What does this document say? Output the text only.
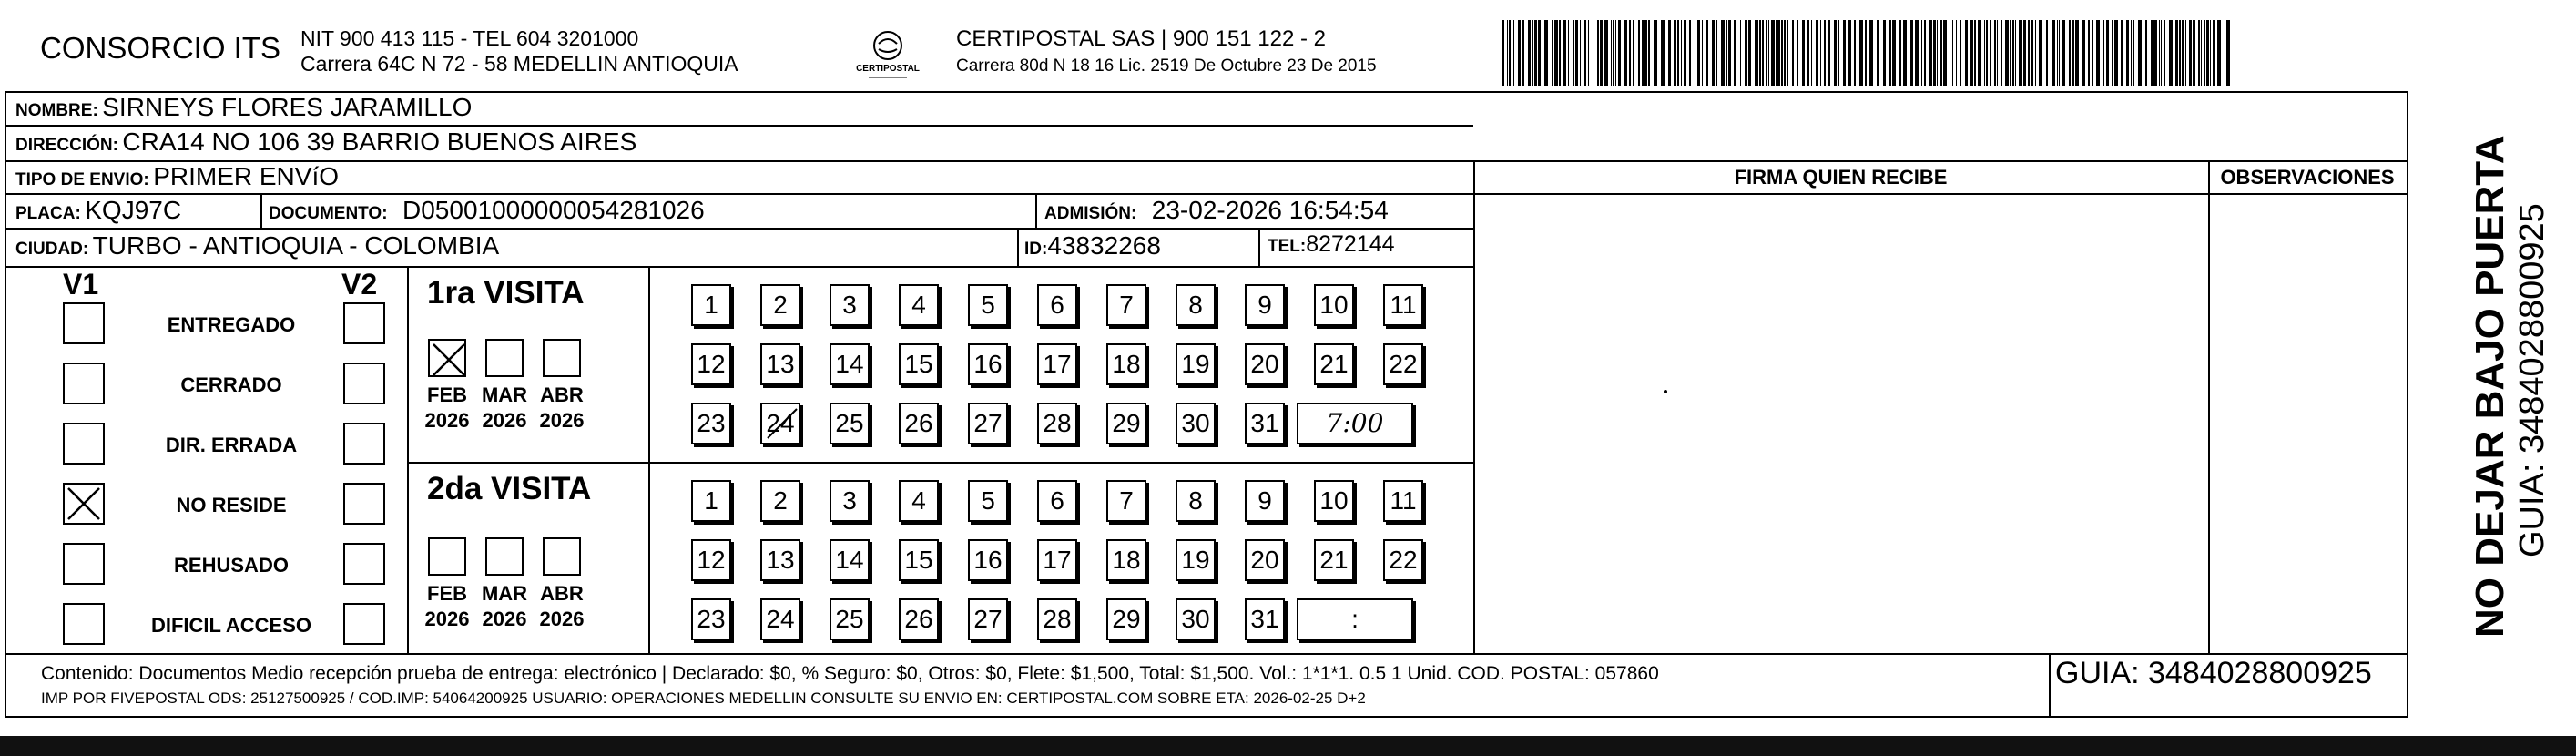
CONSORCIO ITS NIT 900 413 115 - TEL 604 3201000
Carrera 64C N 72 - 58 MEDELLIN ANTIOQUIA	CERTIPOSTAL
CERTIPOSTAL SAS | 900 151 122 - 2
Carrera 80d N 18 16 Lic. 2519 De Octubre 23 De 2015
NOMBRE: SIRNEYS FLORES JARAMILLO
DIRECCIÓN: CRA14 NO 106 39 BARRIO BUENOS AIRES
TIPO DE ENVIO: PRIMER ENVíO
PLACA: KQJ97C	DOCUMENTO: D05001000000054281026	ADMISIÓN: 23-02-2026 16:54:54
CIUDAD: TURBO - ANTIOQUIA - COLOMBIA	ID:43832268	TEL:8272144
FIRMA QUIEN RECIBE	OBSERVACIONES
V1	V2
ENTREGADO
CERRADO
DIR. ERRADA
NO RESIDE
REHUSADO
DIFICIL ACCESO
1ra VISITA
FEB
2026
MAR
2026
ABR
2026
1	2	3	4	5	6	7	8	9	10 11
12 13 14 15 16 17 18 19 20 21 22
23 24 25 26 27 28 29 30 31	7:00
2da VISITA
FEB
2026
MAR
2026
ABR
2026
1	2	3	4	5	6	7	8	9	10 11
12 13 14 15 16 17 18 19 20 21 22
23 24 25 26 27 28 29 30 31	:
Contenido: Documentos Medio recepción prueba de entrega: electrónico | Declarado: $0, % Seguro: $0, Otros: $0, Flete: $1,500, Total: $1,500. Vol.: 1*1*1. 0.5 1 Unid. COD. POSTAL: 057860
IMP POR FIVEPOSTAL ODS: 25127500925 / COD.IMP: 54064200925 USUARIO: OPERACIONES MEDELLIN CONSULTE SU ENVIO EN: CERTIPOSTAL.COM SOBRE ETA: 2026-02-25 D+2
GUIA: 3484028800925
NO DEJAR BAJO PUERTA GUIA: 3484028800925
